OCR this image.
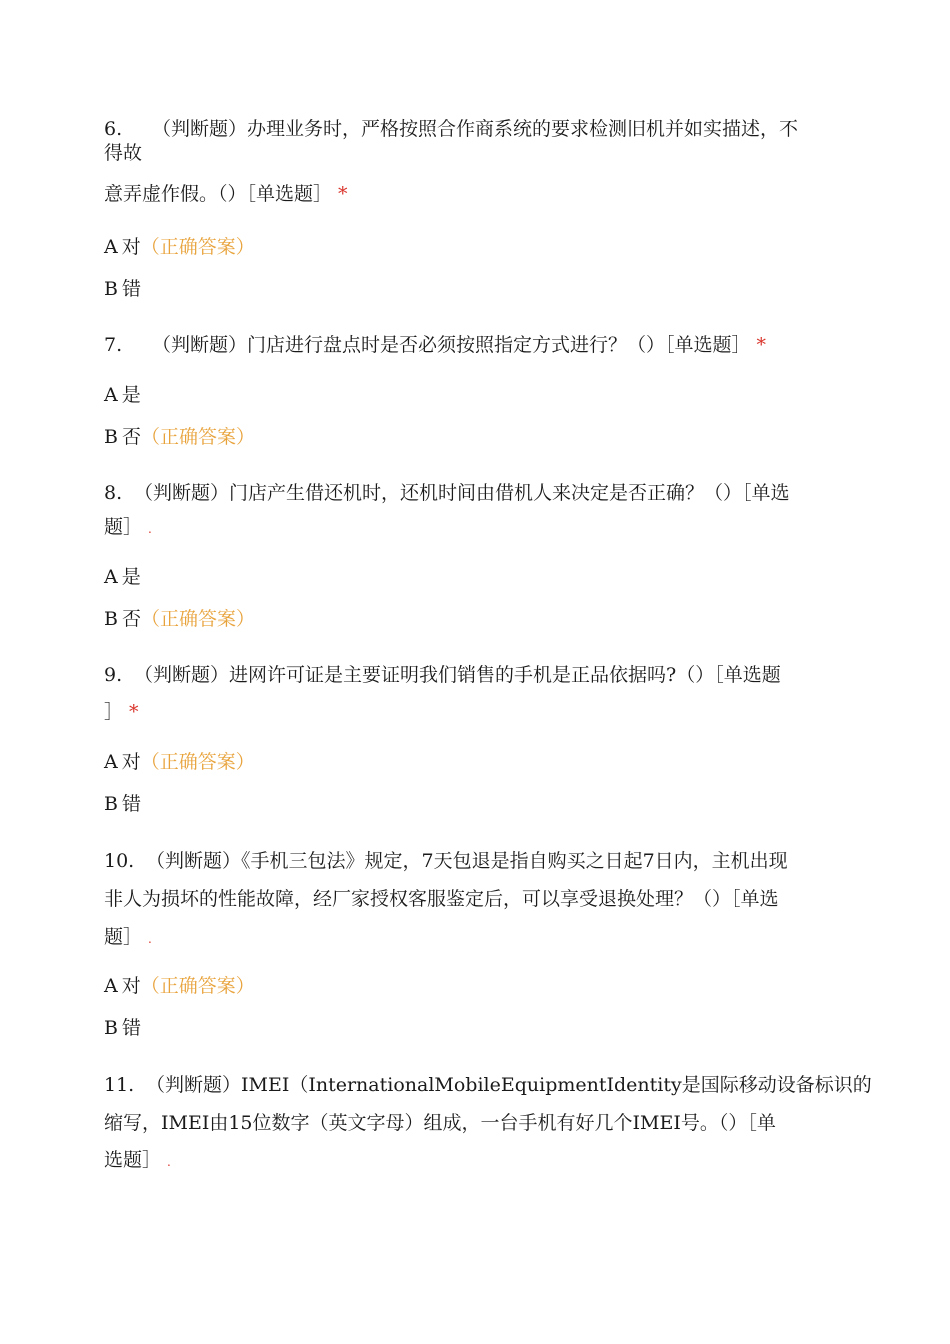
6. （判断题）办理业务时，严格按照合作商系统的要求检测旧机并如实描述，不
得故
意弄虚作假。（）［单选题］ *
A 对（正确答案）
B 错
7. （判断题）门店进行盘点时是否必须按照指定方式进行？（）［单选题］ *
A 是
B 否（正确答案）
8. （判断题）门店产生借还机时，还机时间由借机人来决定是否正确？（）［单选
题］ .
A 是
B 否（正确答案）
9. （判断题）进网许可证是主要证明我们销售的手机是正品依据吗?（）［单选题
］ *
A 对（正确答案）
B 错
10. （判断题）《手机三包法》规定，7天包退是指自购买之日起7日内，主机出现
非人为损坏的性能故障，经厂家授权客服鉴定后，可以享受退换处理？（）［单选
题］ .
A 对（正确答案）
B 错
11. （判断题）IMEI（InternationalMobileEquipmentIdentity是国际移动设备标识的
缩写，IMEI由15位数字（英文字母）组成，一台手机有好几个IMEI号。（）［单
选题］ .
